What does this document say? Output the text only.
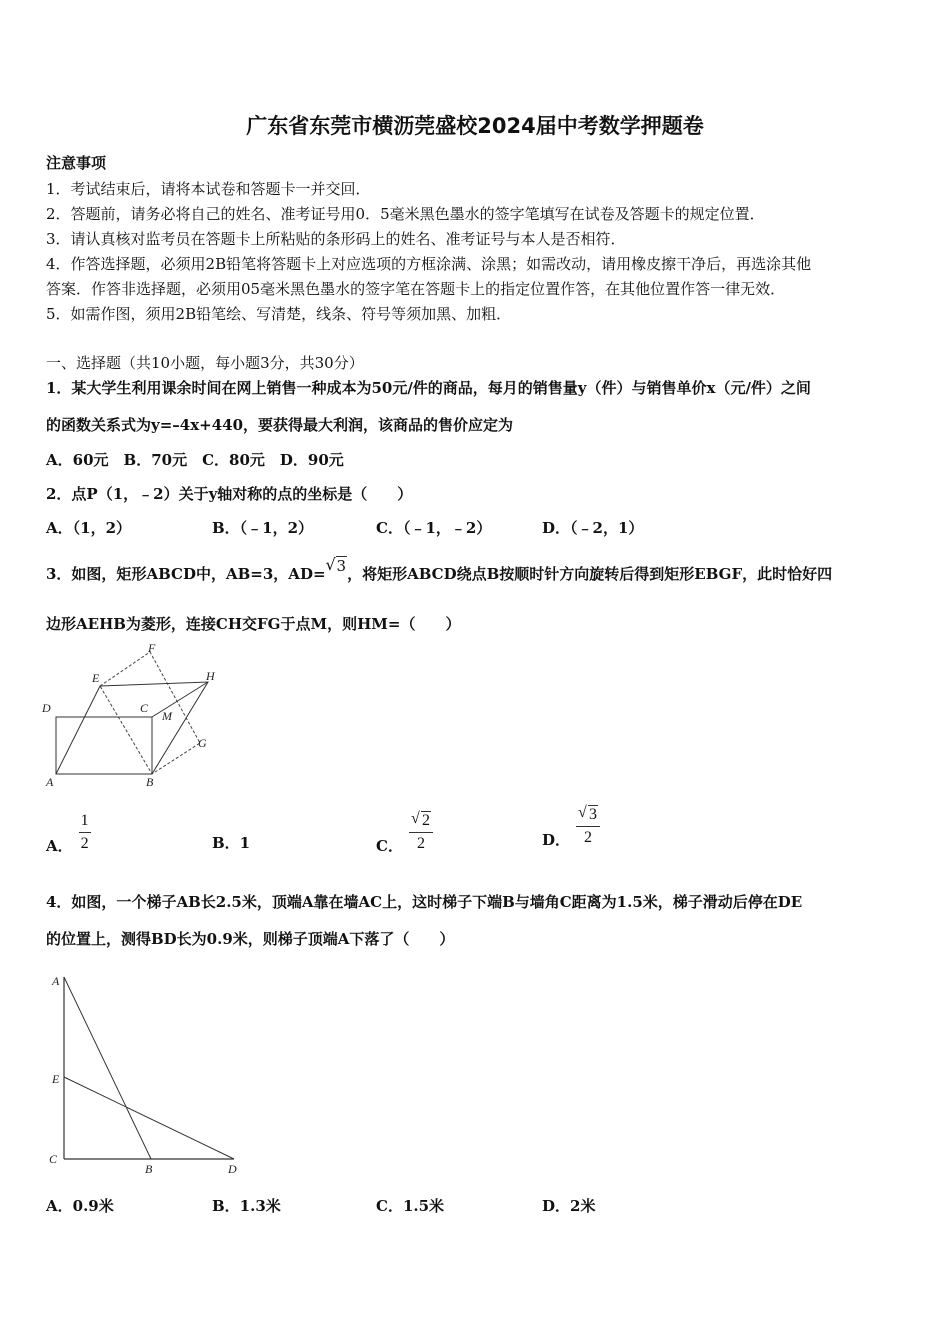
广东省东莞市横沥莞盛校2024届中考数学押题卷
注意事项
1．考试结束后，请将本试卷和答题卡一并交回．
2．答题前，请务必将自己的姓名、准考证号用0．5毫米黑色墨水的签字笔填写在试卷及答题卡的规定位置．
3．请认真核对监考员在答题卡上所粘贴的条形码上的姓名、准考证号与本人是否相符．
4．作答选择题，必须用2B铅笔将答题卡上对应选项的方框涂满、涂黑；如需改动，请用橡皮擦干净后，再选涂其他
答案．作答非选择题，必须用05毫米黑色墨水的签字笔在答题卡上的指定位置作答，在其他位置作答一律无效．
5．如需作图，须用2B铅笔绘、写清楚，线条、符号等须加黑、加粗．
一、选择题（共10小题，每小题3分，共30分）
1．某大学生利用课余时间在网上销售一种成本为50元/件的商品，每月的销售量y（件）与销售单价x（元/件）之间
的函数关系式为y=–4x+440，要获得最大利润，该商品的售价应定为
A．60元　B．70元　C．80元　D．90元
2．点P（1，﹣2）关于y轴对称的点的坐标是（　　）
A．（1，2）	B．（﹣1，2）	C．（﹣1，﹣2）	D．（﹣2，1）
3．如图，矩形ABCD中，AB=3，AD= √ 3，将矩形ABCD绕点B按顺时针方向旋转后得到矩形EBGF，此时恰好四
边形AEHB为菱形，连接CH交FG于点M，则HM=（　　）
D
E
F
C
H
M
G
A	B
A． $\frac{1}{2}$	B．1	C． √ $\frac{2}{2}$	D． √ $\frac{3}{2}$
4．如图，一个梯子AB长2.5米，顶端A靠在墙AC上，这时梯子下端B与墙角C距离为1.5米，梯子滑动后停在DE
的位置上，测得BD长为0.9米，则梯子顶端A下落了（　　）
A
E
C
B	D
A．0.9米	B．1.3米	C．1.5米	D．2米
